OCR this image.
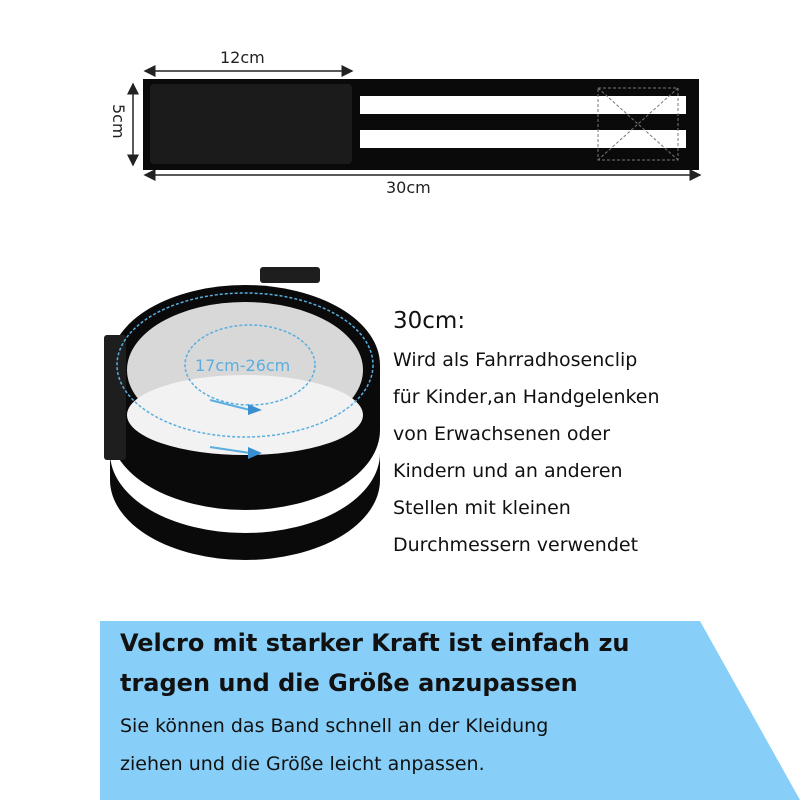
12cm
5cm
30cm
17cm-26cm
30cm:
Wird als Fahrradhosenclip
für Kinder,an Handgelenken
von Erwachsenen oder
Kindern und an anderen
Stellen mit kleinen
Durchmessern verwendet
Velcro mit starker Kraft ist einfach zu
tragen und die Größe anzupassen
Sie können das Band schnell an der Kleidung
ziehen und die Größe leicht anpassen.
